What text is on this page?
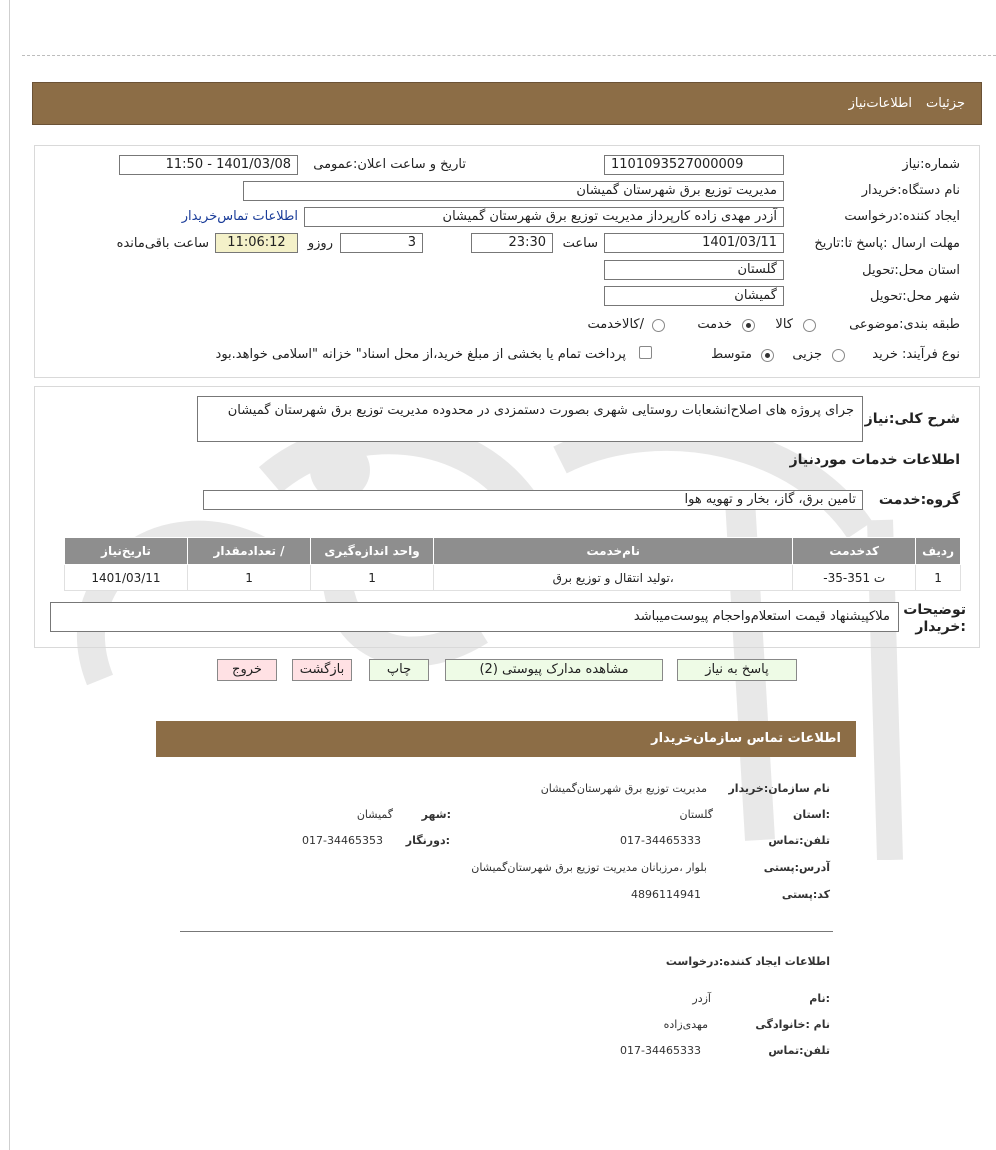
جزئیات
اطلاعات‌نیاز
شماره:نیاز
1101093527000009
تاریخ و ساعت اعلان:عمومی
1401/03/08 - 11:50
نام دستگاه:خریدار
مدیریت توزیع برق شهرستان گمیشان
ایجاد کننده:درخواست
آزدر مهدی زاده کارپرداز مدیریت توزیع برق شهرستان گمیشان
اطلاعات تماس‌خریدار
مهلت ارسال :پاسخ تا:تاریخ
1401/03/11
ساعت
23:30
3
روزو
11:06:12
ساعت باقی‌مانده
استان محل:تحویل
گلستان
شهر محل:تحویل
گمیشان
طبقه بندی:موضوعی
کالا
خدمت
/کالاخدمت
نوع فرآیند: خرید
جزیی
متوسط
پرداخت تمام یا بخشی از مبلغ خرید،از محل اسناد" خزانه "اسلامی خواهد.بود
شرح کلی:نیاز
جرای پروژه های اصلاح‌انشعابات روستایی شهری بصورت دستمزدی در محدوده مدیریت توزیع برق شهرستان گمیشان
اطلاعات خدمات موردنیاز
گروه:خدمت
تامین برق، گاز، بخار و تهویه هوا
ردیف	کدخدمت	نام‌خدمت	واحد اندازه‌گیری	/ تعدادمقدار	تاریخ‌نیاز
1	ت 351-35-	،تولید انتقال و توزیع برق	1	1	1401/03/11
توضیحات :خریدار
ملاکپیشنهاد قیمت استعلام‌واحجام پیوست‌میباشد
پاسخ به نیاز
مشاهده مدارک پیوستی (2)
چاپ
بازگشت
خروج
اطلاعات تماس سازمان‌خریدار
نام سازمان:خریدار
مدیریت توزیع برق شهرستان‌گمیشان
:استان
گلستان
:شهر
گمیشان
تلفن:تماس
017-34465333
:دورنگار
017-34465353
آدرس:پستی
بلوار ،مرزبانان مدیریت توزیع برق شهرستان‌گمیشان
کد:پستی
4896114941
اطلاعات ایجاد کننده:درخواست
:نام
آزدر
نام :خانوادگی
مهدی‌زاده
تلفن:تماس
017-34465333
